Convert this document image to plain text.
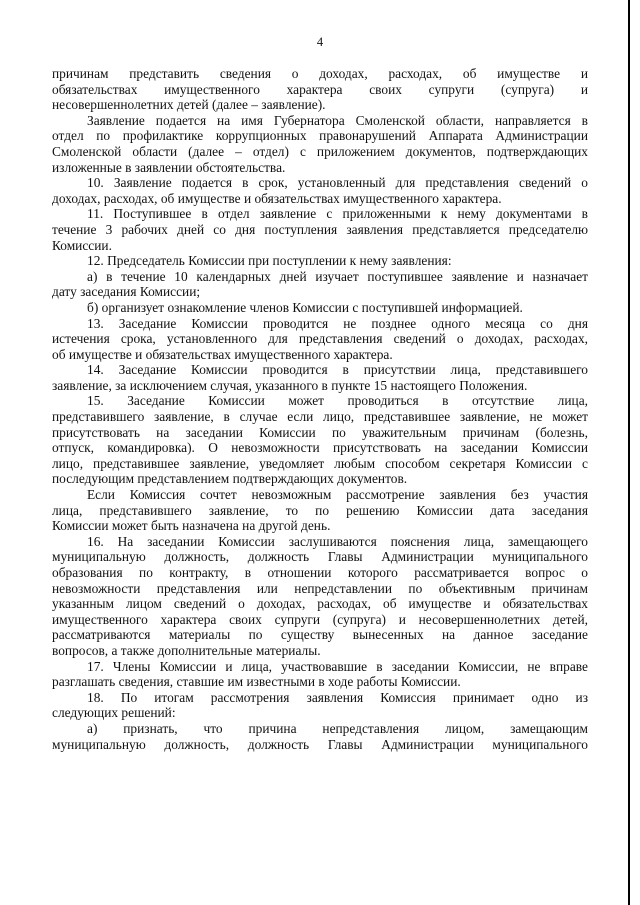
4
причинам представить сведения о доходах, расходах, об имуществе и
обязательствах имущественного характера своих супруги (супруга) и
несовершеннолетних детей (далее – заявление).
Заявление подается на имя Губернатора Смоленской области, направляется в
отдел по профилактике коррупционных правонарушений Аппарата Администрации
Смоленской области (далее – отдел) с приложением документов, подтверждающих
изложенные в заявлении обстоятельства.
10. Заявление подается в срок, установленный для представления сведений о
доходах, расходах, об имуществе и обязательствах имущественного характера.
11. Поступившее в отдел заявление с приложенными к нему документами в
течение 3 рабочих дней со дня поступления заявления представляется председателю
Комиссии.
12. Председатель Комиссии при поступлении к нему заявления:
а) в течение 10 календарных дней изучает поступившее заявление и назначает
дату заседания Комиссии;
б) организует ознакомление членов Комиссии с поступившей информацией.
13. Заседание Комиссии проводится не позднее одного месяца со дня
истечения срока, установленного для представления сведений о доходах, расходах,
об имуществе и обязательствах имущественного характера.
14. Заседание Комиссии проводится в присутствии лица, представившего
заявление, за исключением случая, указанного в пункте 15 настоящего Положения.
15. Заседание Комиссии может проводиться в отсутствие лица,
представившего заявление, в случае если лицо, представившее заявление, не может
присутствовать на заседании Комиссии по уважительным причинам (болезнь,
отпуск, командировка). О невозможности присутствовать на заседании Комиссии
лицо, представившее заявление, уведомляет любым способом секретаря Комиссии с
последующим представлением подтверждающих документов.
Если Комиссия сочтет невозможным рассмотрение заявления без участия
лица, представившего заявление, то по решению Комиссии дата заседания
Комиссии может быть назначена на другой день.
16. На заседании Комиссии заслушиваются пояснения лица, замещающего
муниципальную должность, должность Главы Администрации муниципального
образования по контракту, в отношении которого рассматривается вопрос о
невозможности представления или непредставлении по объективным причинам
указанным лицом сведений о доходах, расходах, об имуществе и обязательствах
имущественного характера своих супруги (супруга) и несовершеннолетних детей,
рассматриваются материалы по существу вынесенных на данное заседание
вопросов, а также дополнительные материалы.
17. Члены Комиссии и лица, участвовавшие в заседании Комиссии, не вправе
разглашать сведения, ставшие им известными в ходе работы Комиссии.
18. По итогам рассмотрения заявления Комиссия принимает одно из
следующих решений:
а) признать, что причина непредставления лицом, замещающим
муниципальную должность, должность Главы Администрации муниципального
